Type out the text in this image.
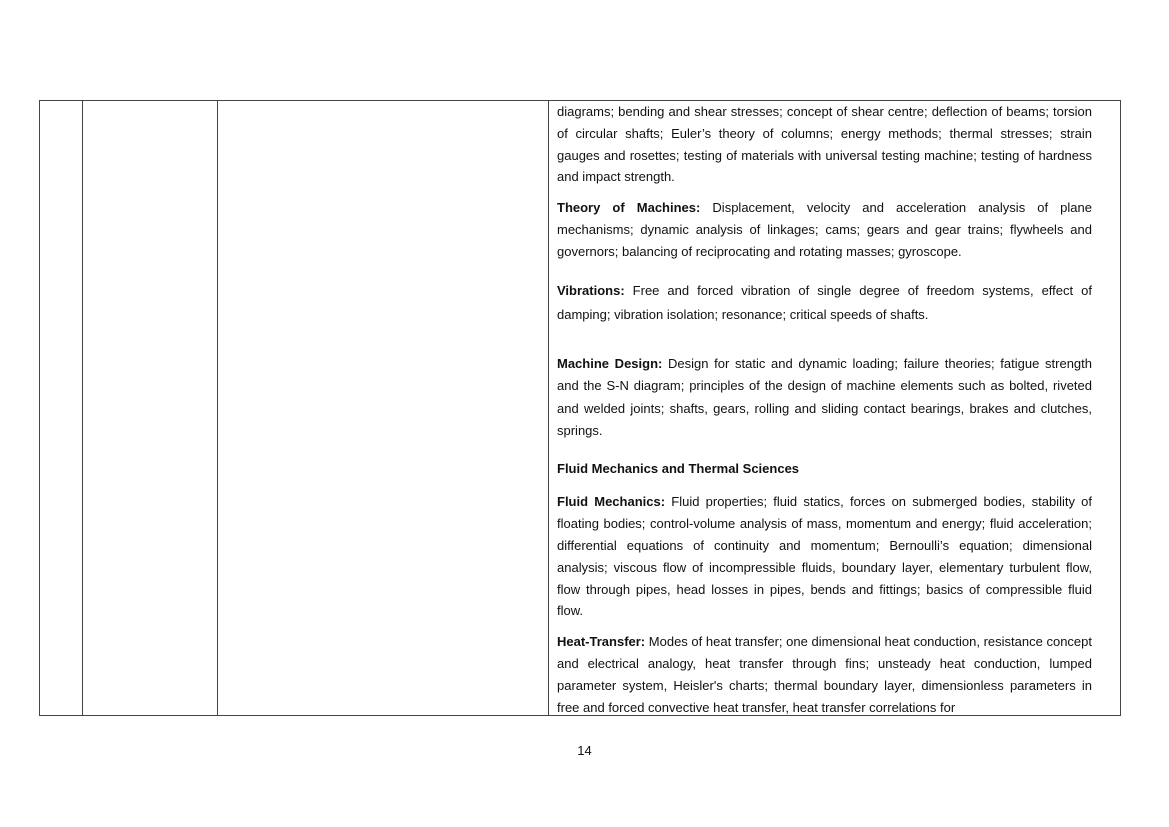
diagrams; bending and shear stresses; concept of shear centre; deflection of beams; torsion of circular shafts; Euler’s theory of columns; energy methods; thermal stresses; strain gauges and rosettes; testing of materials with universal testing machine; testing of hardness and impact strength.

Theory of Machines: Displacement, velocity and acceleration analysis of plane mechanisms; dynamic analysis of linkages; cams; gears and gear trains; flywheels and governors; balancing of reciprocating and rotating masses; gyroscope.

Vibrations: Free and forced vibration of single degree of freedom systems, effect of damping; vibration isolation; resonance; critical speeds of shafts.

Machine Design: Design for static and dynamic loading; failure theories; fatigue strength and the S-N diagram; principles of the design of machine elements such as bolted, riveted and welded joints; shafts, gears, rolling and sliding contact bearings, brakes and clutches, springs.

Fluid Mechanics and Thermal Sciences

Fluid Mechanics: Fluid properties; fluid statics, forces on submerged bodies, stability of floating bodies; control-volume analysis of mass, momentum and energy; fluid acceleration; differential equations of continuity and momentum; Bernoulli’s equation; dimensional analysis; viscous flow of incompressible fluids, boundary layer, elementary turbulent flow, flow through pipes, head losses in pipes, bends and fittings; basics of compressible fluid flow.

Heat-Transfer: Modes of heat transfer; one dimensional heat conduction, resistance concept and electrical analogy, heat transfer through fins; unsteady heat conduction, lumped parameter system, Heisler's charts; thermal boundary layer, dimensionless parameters in free and forced convective heat transfer, heat transfer correlations for

14
